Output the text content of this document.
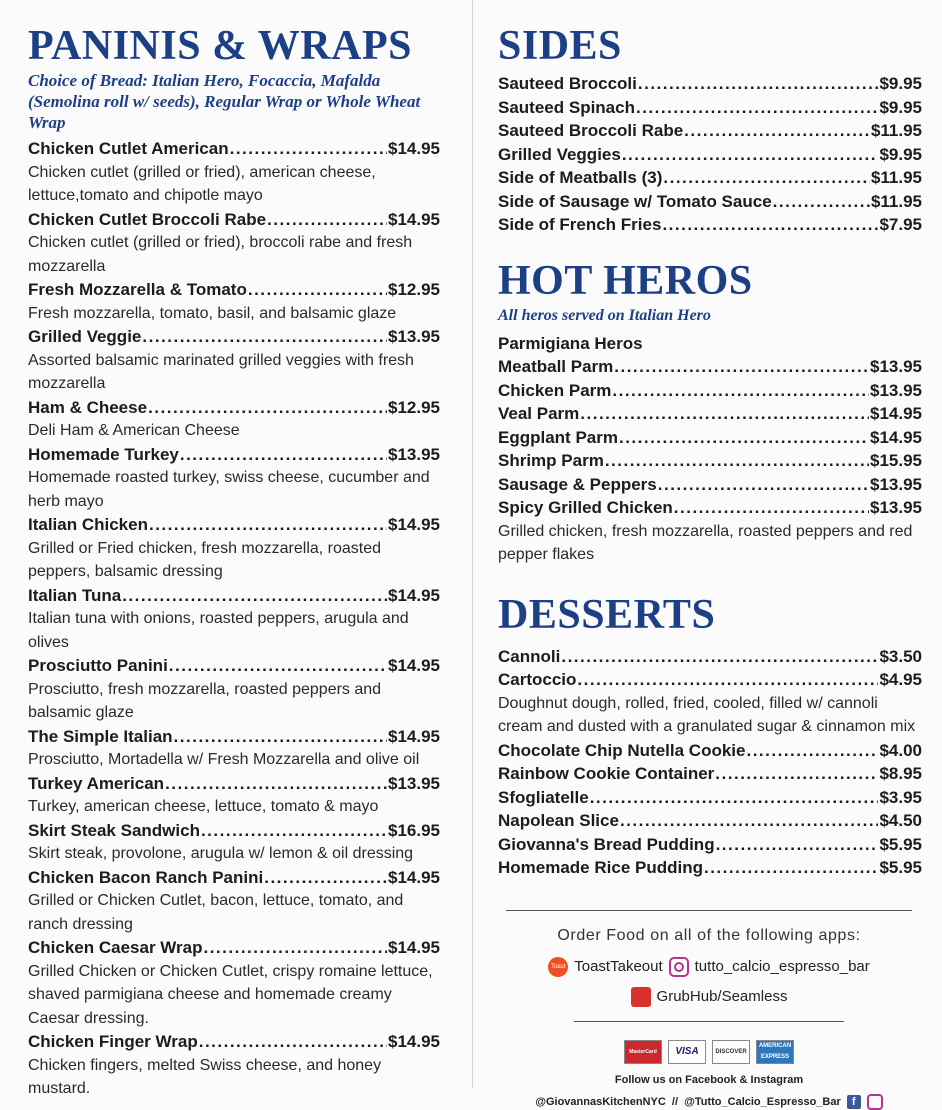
PANINIS & WRAPS
Choice of Bread: Italian Hero, Focaccia, Mafalda (Semolina roll w/ seeds), Regular Wrap or Whole Wheat Wrap
Chicken Cutlet American .....	$14.95
Chicken cutlet (grilled or fried), american cheese, lettuce,tomato and chipotle mayo
Chicken Cutlet Broccoli Rabe .....	$14.95
Chicken cutlet (grilled or fried), broccoli rabe and fresh mozzarella
Fresh Mozzarella & Tomato .....	$12.95
Fresh mozzarella, tomato, basil, and balsamic glaze
Grilled Veggie .....	$13.95
Assorted balsamic marinated grilled veggies with fresh mozzarella
Ham & Cheese .....	$12.95
Deli Ham & American Cheese
Homemade Turkey .....	$13.95
Homemade roasted turkey, swiss cheese, cucumber and herb mayo
Italian Chicken .....	$14.95
Grilled or Fried chicken, fresh mozzarella, roasted peppers, balsamic dressing
Italian Tuna .....	$14.95
Italian tuna with onions, roasted peppers, arugula and olives
Prosciutto Panini .....	$14.95
Prosciutto, fresh mozzarella, roasted peppers and balsamic glaze
The Simple Italian .....	$14.95
Prosciutto, Mortadella w/ Fresh Mozzarella and olive oil
Turkey American .....	$13.95
Turkey, american cheese, lettuce, tomato & mayo
Skirt Steak Sandwich .....	$16.95
Skirt steak, provolone, arugula w/ lemon & oil dressing
Chicken Bacon Ranch Panini .....	$14.95
Grilled or Chicken Cutlet, bacon, lettuce, tomato, and ranch dressing
Chicken Caesar Wrap .....	$14.95
Grilled Chicken or Chicken Cutlet, crispy romaine lettuce, shaved parmigiana cheese and homemade creamy Caesar dressing.
Chicken Finger Wrap .....	$14.95
Chicken fingers, melted Swiss cheese, and honey mustard.
SIDES
Sauteed Broccoli .....	$9.95
Sauteed Spinach .....	$9.95
Sauteed Broccoli Rabe .....	$11.95
Grilled Veggies .....	$9.95
Side of Meatballs (3) .....	$11.95
Side of Sausage w/ Tomato Sauce .....	$11.95
Side of French Fries .....	$7.95
HOT HEROS
All heros served on Italian Hero
Parmigiana Heros
Meatball Parm .....	$13.95
Chicken Parm .....	$13.95
Veal Parm .....	$14.95
Eggplant Parm .....	$14.95
Shrimp Parm .....	$15.95
Sausage & Peppers .....	$13.95
Spicy Grilled Chicken .....	$13.95
Grilled chicken, fresh mozzarella, roasted peppers and red pepper flakes
DESSERTS
Cannoli .....	$3.50
Cartoccio .....	$4.95
Doughnut dough, rolled, fried, cooled, filled w/ cannoli cream and dusted with a granulated sugar & cinnamon mix
Chocolate Chip Nutella Cookie .....	$4.00
Rainbow Cookie Container .....	$8.95
Sfogliatelle .....	$3.95
Napolean Slice .....	$4.50
Giovanna's Bread Pudding .....	$5.95
Homemade Rice Pudding .....	$5.95
Order Food on all of the following apps:
Toast ToastTakeout tutto_calcio_espresso_bar
GrubHub/Seamless
MasterCard	VISA	DISCOVER
AMERICAN EXPRESS
Follow us on Facebook & Instagram
@GiovannasKitchenNYC  //  @Tutto_Calcio_Espresso_Bar	f
